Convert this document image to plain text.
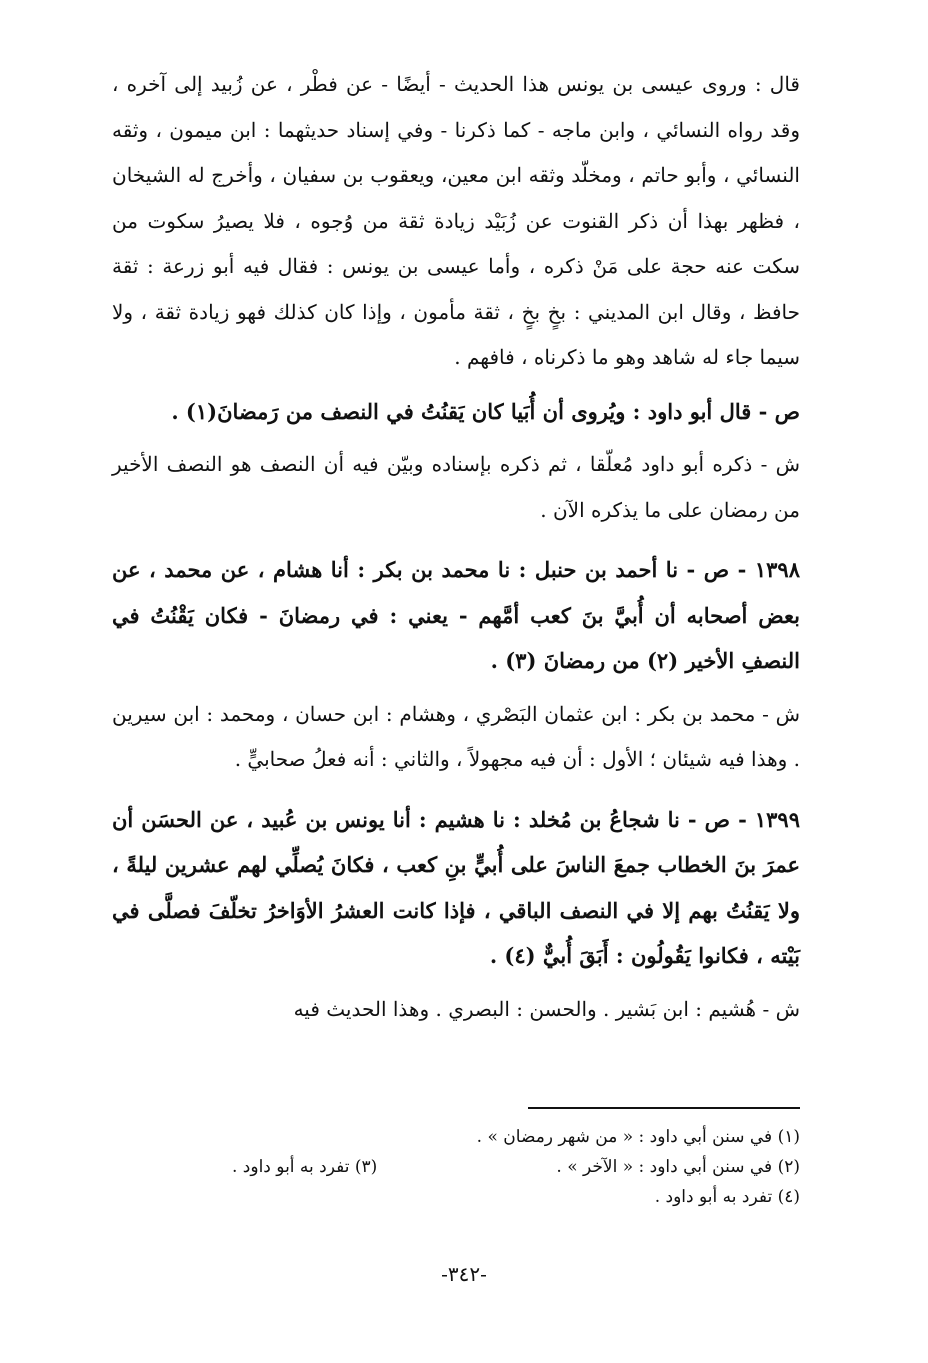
قال : وروى عيسى بن يونس هذا الحديث - أيضًا - عن فطْر ، عن زُبيد إلى آخره ، وقد رواه النسائي ، وابن ماجه - كما ذكرنا - وفي إسناد حديثهما : ابن ميمون ، وثقه النسائي ، وأبو حاتم ، ومخلّد وثقه ابن معين، ويعقوب بن سفيان ، وأخرج له الشيخان ، فظهر بهذا أن ذكر القنوت عن زُبَيْد زيادة ثقة من وُجوه ، فلا يصيرُ سكوت من سكت عنه حجة على مَنْ ذكره ، وأما عيسى بن يونس : فقال فيه أبو زرعة : ثقة حافظ ، وقال ابن المديني : بخٍ بخٍ ، ثقة مأمون ، وإذا كان كذلك فهو زيادة ثقة ، ولا سيما جاء له شاهد وهو ما ذكرناه ، فافهم .

ص - قال أبو داود : ويُروى أن أُبَيا كان يَقنُتُ في النصف من رَمضانَ(١) .

ش - ذكره أبو داود مُعلّقا ، ثم ذكره بإسناده وبيّن فيه أن النصف هو النصف الأخير من رمضان على ما يذكره الآن .

١٣٩٨ - ص - نا أحمد بن حنبل : نا محمد بن بكر : أنا هشام ، عن محمد ، عن بعض أصحابه أن أُبيَّ بنَ كعب أمَّهم - يعني : في رمضانَ - فكان يَقْنُتُ في النصفِ الأخير (٢) من رمضانَ (٣) .

ش - محمد بن بكر : ابن عثمان البَصْري ، وهشام : ابن حسان ، ومحمد : ابن سيرين . وهذا فيه شيئان ؛ الأول : أن فيه مجهولاً ، والثاني : أنه فعلُ صحابيٍّ .

١٣٩٩ - ص - نا شجاعُ بن مُخلد : نا هشيم : أنا يونس بن عُبيد ، عن الحسَن أن عمرَ بنَ الخطاب جمعَ الناسَ على أُبيٍّ بنِ كعب ، فكانَ يُصلِّي لهم عشرين ليلةً ، ولا يَقنُتُ بهم إلا في النصف الباقي ، فإذا كانت العشرُ الأوَاخرُ تخلّفَ فصلَّى في بَيْته ، فكانوا يَقُولُون : أَبَقَ أُبيٌّ (٤) .

ش - هُشيم : ابن بَشير . والحسن : البصري . وهذا الحديث فيه

(١) في سنن أبي داود : « من شهر رمضان » .
(٢) في سنن أبي داود : « الآخر » .
(٣) تفرد به أبو داود .
(٤) تفرد به أبو داود .
-٣٤٢-
